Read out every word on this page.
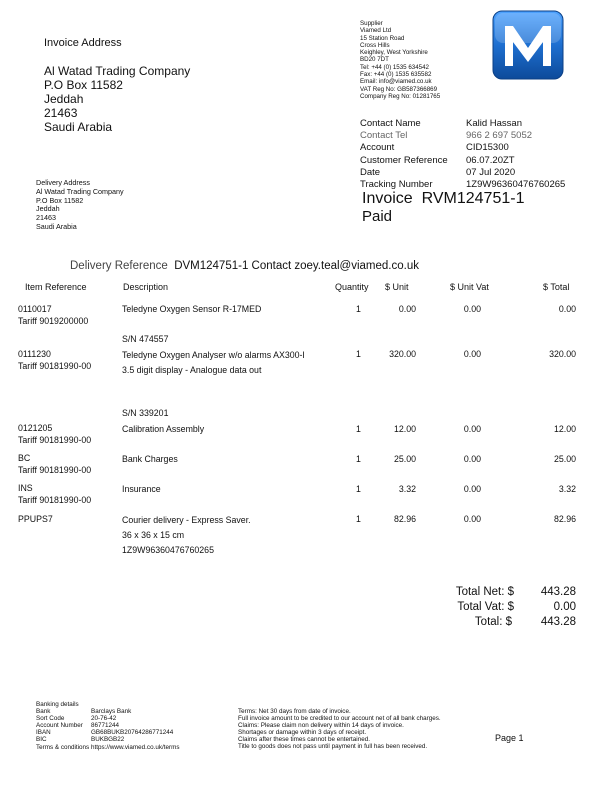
Invoice Address
Al Watad Trading Company
P.O Box 11582
Jeddah
21463
Saudi Arabia
Supplier
Viamed Ltd
15 Station Road
Cross Hills
Keighley, West Yorkshire
BD20 7DT
Tel: +44 (0) 1535 634542
Fax: +44 (0) 1535 635582
Email: info@viamed.co.uk
VAT Reg No: GB587366869
Company Reg No: 01281765
Contact Name	Kalid Hassan
Contact Tel	966 2 697 5052
Account	CID15300
Customer Reference	06.07.20ZT
Date	07 Jul 2020
Tracking Number	1Z9W96360476760265
Invoice  RVM124751-1
Paid
Delivery Address
Al Watad Trading Company
P.O Box 11582
Jeddah
21463
Saudi Arabia
Delivery Reference DVM124751-1 Contact zoey.teal@viamed.co.uk
Item Reference	Description	Quantity $ Unit	$ Unit Vat	$ Total
0110017
Tariff 9019200000
Teledyne Oxygen Sensor R-17MED	1	0.00	0.00	0.00
S/N 474557
0111230
Tariff 90181990-00
Teledyne Oxygen Analyser w/o alarms AX300-I
3.5 digit display - Analogue data out
1	320.00	0.00	320.00
S/N 339201
0121205
Tariff 90181990-00
Calibration Assembly	1	12.00	0.00	12.00
BC
Tariff 90181990-00
Bank Charges	1	25.00	0.00	25.00
INS
Tariff 90181990-00
Insurance	1	3.32	0.00	3.32
PPUPS7	Courier delivery - Express Saver.
36 x 36 x 15 cm
1Z9W96360476760265
1	82.96	0.00	82.96
Total Net: $	443.28
Total Vat: $	0.00
Total: $	443.28
Banking details
Bank	Barclays Bank
Sort Code	20-76-42
Account Number	86771244
IBAN	GB68BUKB20764286771244
BIC	BUKBGB22
Terms & conditions https://www.viamed.co.uk/terms
Terms: Net 30 days from date of invoice.
Full invoice amount to be credited to our account net of all bank charges.
Claims: Please claim non delivery within 14 days of invoice.
Shortages or damage within 3 days of receipt.
Claims after these times cannot be entertained.
Title to goods does not pass until payment in full has been received.
Page 1
